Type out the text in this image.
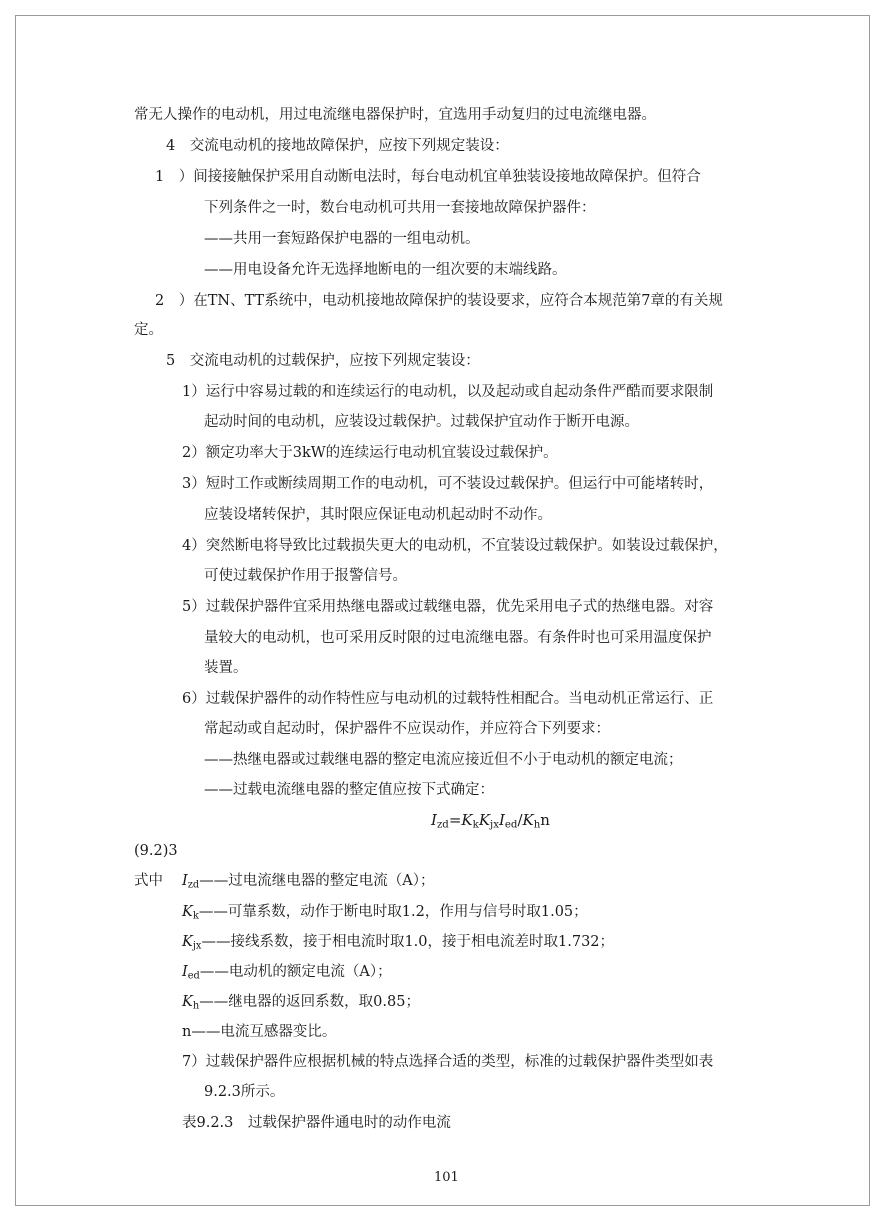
常无人操作的电动机，用过电流继电器保护时，宜选用手动复归的过电流继电器。
4　交流电动机的接地故障保护，应按下列规定装设：
1　）间接接触保护采用自动断电法时，每台电动机宜单独装设接地故障保护。但符合
下列条件之一时，数台电动机可共用一套接地故障保护器件：
——共用一套短路保护电器的一组电动机。
——用电设备允许无选择地断电的一组次要的末端线路。
2　）在TN、TT系统中，电动机接地故障保护的装设要求，应符合本规范第7章的有关规
定。
5　交流电动机的过载保护，应按下列规定装设：
1）运行中容易过载的和连续运行的电动机，以及起动或自起动条件严酷而要求限制
起动时间的电动机，应装设过载保护。过载保护宜动作于断开电源。
2）额定功率大于3kW的连续运行电动机宜装设过载保护。
3）短时工作或断续周期工作的电动机，可不装设过载保护。但运行中可能堵转时，
应装设堵转保护，其时限应保证电动机起动时不动作。
4）突然断电将导致比过载损失更大的电动机，不宜装设过载保护。如装设过载保护，
可使过载保护作用于报警信号。
5）过载保护器件宜采用热继电器或过载继电器，优先采用电子式的热继电器。对容
量较大的电动机，也可采用反时限的过电流继电器。有条件时也可采用温度保护
装置。
6）过载保护器件的动作特性应与电动机的过载特性相配合。当电动机正常运行、正
常起动或自起动时，保护器件不应误动作，并应符合下列要求：
——热继电器或过载继电器的整定电流应接近但不小于电动机的额定电流；
——过载电流继电器的整定值应按下式确定：
$I_{zd}=K_kK_{jx}I_{ed}/K_hn$
(9.2)3
式中 $I_{zd}——$过电流继电器的整定电流（A）；
$K_k——$可靠系数，动作于断电时取1.2，作用与信号时取1.05；
$K_{jx}——$接线系数，接于相电流时取1.0，接于相电流差时取1.732；
$I_{ed}——$电动机的额定电流（A）；
$K_h——$继电器的返回系数，取0.85；
n——电流互感器变比。
7）过载保护器件应根据机械的特点选择合适的类型，标准的过载保护器件类型如表
9.2.3所示。
表9.2.3　过载保护器件通电时的动作电流
101
